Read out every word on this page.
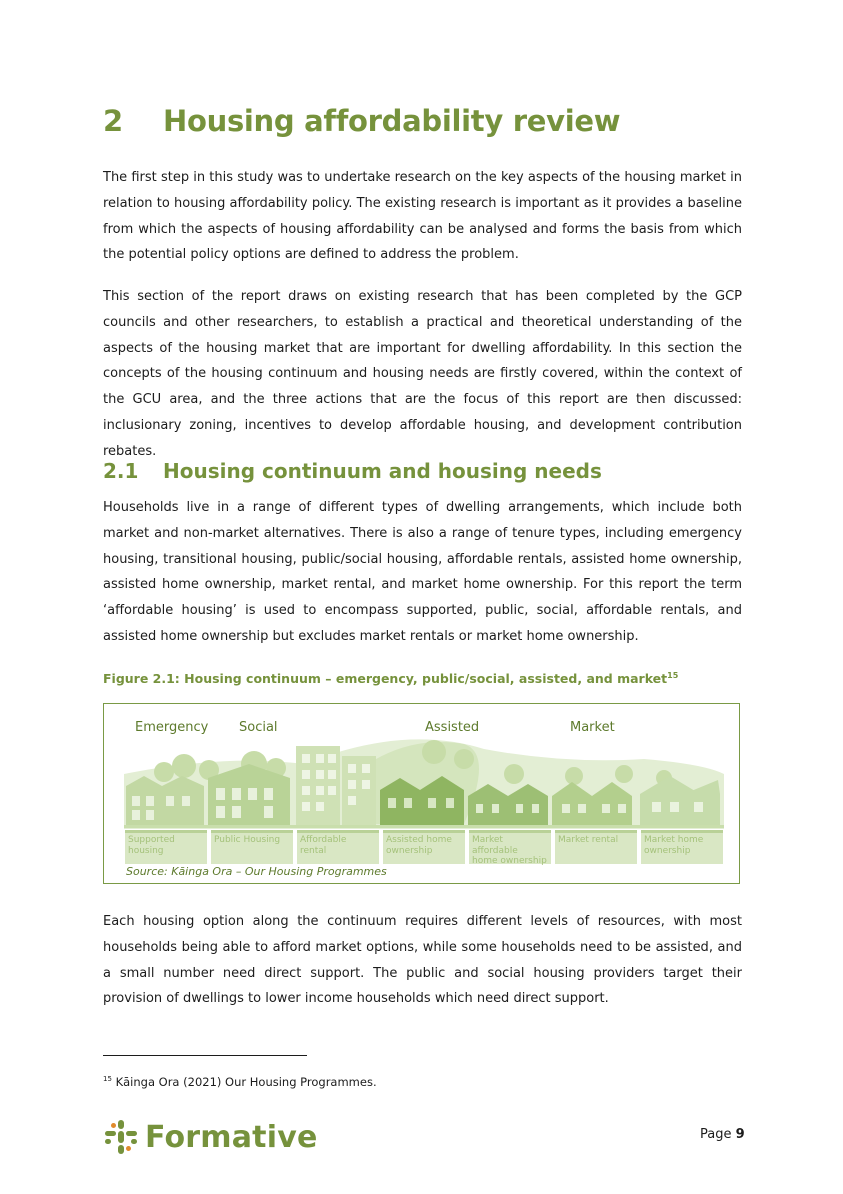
2 Housing affordability review

The first step in this study was to undertake research on the key aspects of the housing market in relation to housing affordability policy. The existing research is important as it provides a baseline from which the aspects of housing affordability can be analysed and forms the basis from which the potential policy options are defined to address the problem.

This section of the report draws on existing research that has been completed by the GCP councils and other researchers, to establish a practical and theoretical understanding of the aspects of the housing market that are important for dwelling affordability. In this section the concepts of the housing continuum and housing needs are firstly covered, within the context of the GCU area, and the three actions that are the focus of this report are then discussed: inclusionary zoning, incentives to develop affordable housing, and development contribution rebates.

2.1 Housing continuum and housing needs

Households live in a range of different types of dwelling arrangements, which include both market and non-market alternatives. There is also a range of tenure types, including emergency housing, transitional housing, public/social housing, affordable rentals, assisted home ownership, assisted home ownership, market rental, and market home ownership. For this report the term ‘affordable housing’ is used to encompass supported, public, social, affordable rentals, and assisted home ownership but excludes market rentals or market home ownership.

Figure 2.1: Housing continuum – emergency, public/social, assisted, and market$^{15}$

Emergency Social	Assisted	Market
Supported
housing
Public Housing	Affordable
rental
Assisted home
ownership
Market affordable
home ownership
Market rental	Market home
ownership
Source: Kāinga Ora – Our Housing Programmes

Each housing option along the continuum requires different levels of resources, with most households being able to afford market options, while some households need to be assisted, and a small number need direct support. The public and social housing providers target their provision of dwellings to lower income households which need direct support.

$^{15}$ Kāinga Ora (2021) Our Housing Programmes.
Formative	Page 9
